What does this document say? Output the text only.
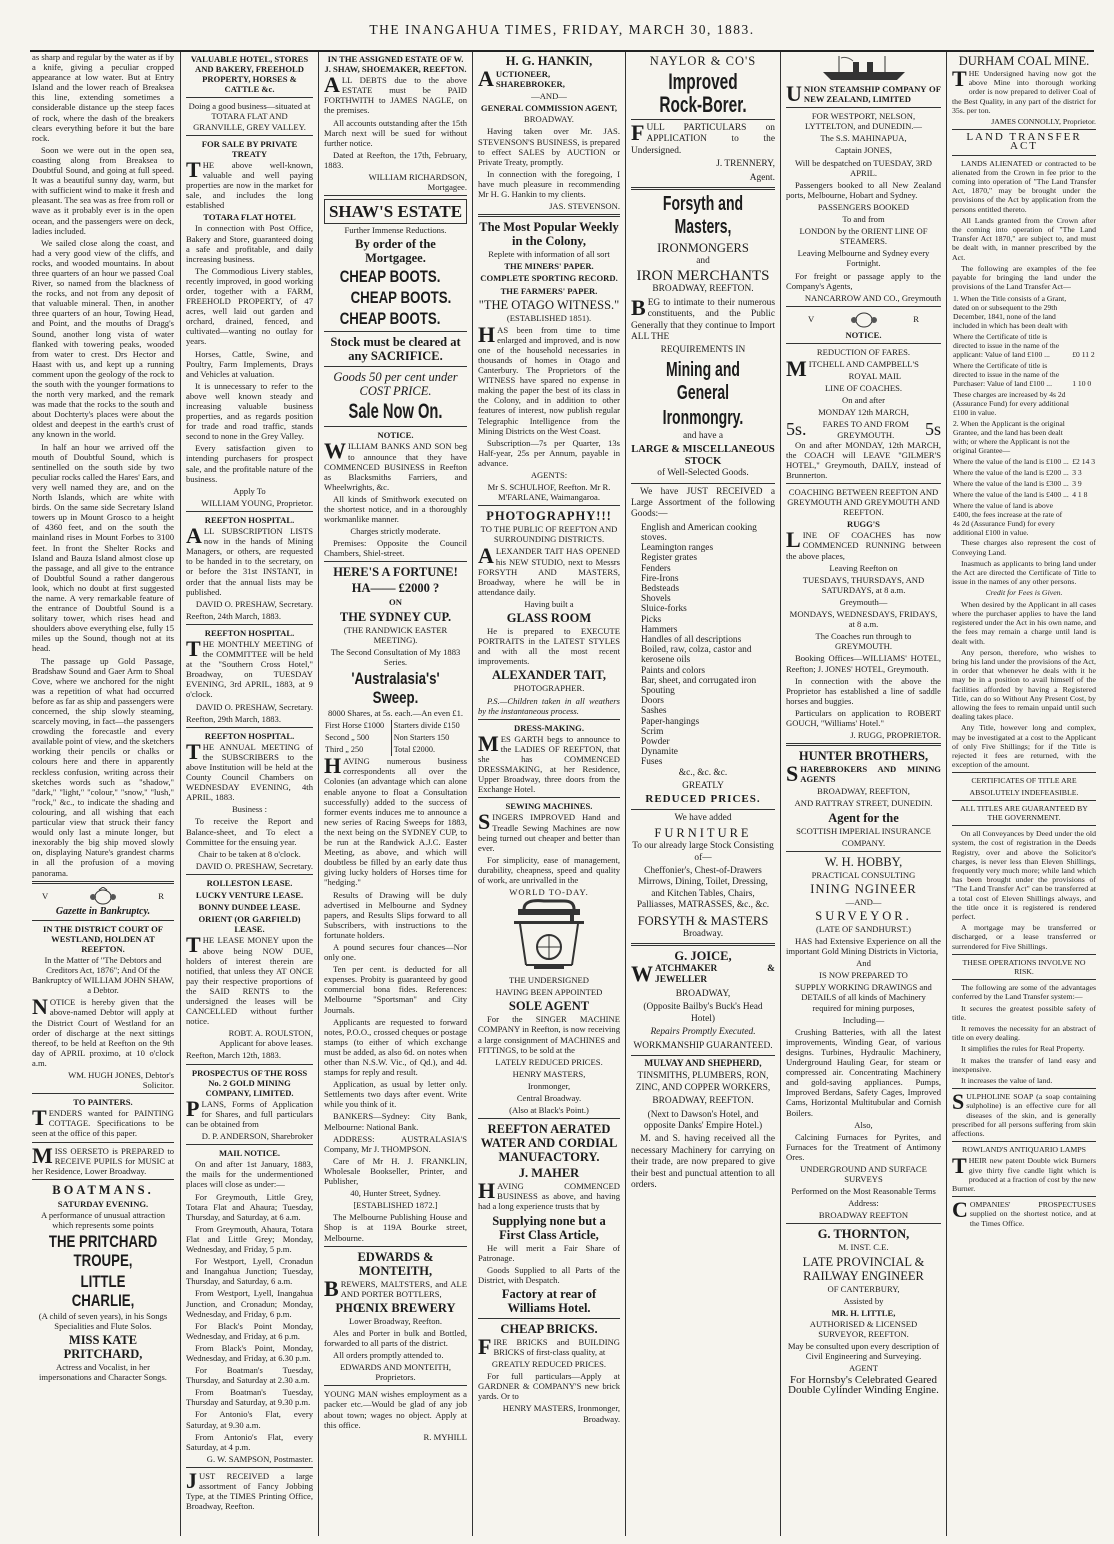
THE INANGAHUA TIMES, FRIDAY, MARCH 30, 1883.

as sharp and regular by the water as if by a knife, giving a peculiar cropped appearance at low water. But at Entry Island and the lower reach of Breaksea this line, extending sometimes a considerable distance up the steep faces of rock, where the dash of the breakers clears everything before it but the bare rock.

Soon we were out in the open sea, coasting along from Breaksea to Doubtful Sound, and going at full speed. It was a beautiful sunny day, warm, but with sufficient wind to make it fresh and pleasant. The sea was as free from roll or wave as it probably ever is in the open ocean, and the passengers were on deck, ladies included.

We sailed close along the coast, and had a very good view of the cliffs, and rocks, and wooded mountains. In about three quarters of an hour we passed Coal River, so named from the blackness of the rocks, and not from any deposit of that valuable mineral. Then, in another three quarters of an hour, Towing Head, and Point, and the mouths of Dragg's Sound, another long vista of water flanked with towering peaks, wooded from water to crest. Drs Hector and Haast with us, and kept up a running comment upon the geology of the rock to the south with the younger formations to the north very marked, and the remark was made that the rocks to the south and about Dochterty's places were about the oldest and deepest in the earth's crust of any known in the world.

In half an hour we arrived off the mouth of Doubtful Sound, which is sentinelled on the south side by two peculiar rocks called the Hares' Ears, and very well named they are, and on the North Islands, which are white with birds. On the same side Secretary Island towers up in Mount Grosco to a height of 4360 feet, and on the south the mainland rises in Mount Forbes to 3100 feet. In front the Shelter Rocks and Island and Bauza Island almost close up the passage, and all give to the entrance of Doubtful Sound a rather dangerous look, which no doubt at first suggested the name. A very remarkable feature of the entrance of Doubtful Sound is a solitary tower, which rises head and shoulders above everything else, fully 15 miles up the Sound, though not at its head.

The passage up Gold Passage, Bradshaw Sound and Gaer Arm to Shoal Cove, where we anchored for the night was a repetition of what had occurred before as far as ship and passengers were concerned, the ship slowly steaming, scarcely moving, in fact—the passengers crowding the forecastle and every available point of view, and the sketchers working their pencils or chalks or colours here and there in apparently reckless confusion, writing across their sketches words such as "shadow," "dark," "light," "colour," "snow," "lush," "rock," &c., to indicate the shading and colouring, and all wishing that each particular view that struck their fancy would only last a minute longer, but inexorably the big ship moved slowly on, displaying Nature's grandest charms in all the profusion of a moving panorama.

V	R
Gazette in Bankruptcy.
IN THE DISTRICT COURT OF WESTLAND, HOLDEN AT REEFTON.

In the Matter of "The Debtors and Creditors Act, 1876"; And Of the Bankruptcy of WILLIAM JOHN SHAW, a Debtor.

NOTICE is hereby given that the above-named Debtor will apply at the District Court of Westland for an order of discharge at the next sittings thereof, to be held at Reefton on the 9th day of APRIL proximo, at 10 o'clock a.m.

WM. HUGH JONES, Debtor's Solicitor.

TO PAINTERS.

TENDERS wanted for PAINTING COTTAGE. Specifications to be seen at the office of this paper.

MISS OERSETO is PREPARED to RECEIVE PUPILS for MUSIC at her Residence, Lower Broadway.

BOATMANS.
SATURDAY EVENING.

A performance of unusual attraction which represents some points

THE PRITCHARD TROUPE,
LITTLE CHARLIE,

(A child of seven years), in his Songs Specialities and Flute Solos.

MISS KATE PRITCHARD,

Actress and Vocalist, in her impersonations and Character Songs.

VALUABLE HOTEL, STORES AND BAKERY, FREEHOLD PROPERTY, HORSES & CATTLE &c.

Doing a good business—situated at TOTARA FLAT AND GRANVILLE, GREY VALLEY.

FOR SALE BY PRIVATE TREATY

THE above well-known, valuable and well paying properties are now in the market for sale, and includes the long established

TOTARA FLAT HOTEL

In connection with Post Office, Bakery and Store, guaranteed doing a safe and profitable, and daily increasing business.

The Commodious Livery stables, recently improved, in good working order, together with a FARM, FREEHOLD PROPERTY, of 47 acres, well laid out garden and orchard, drained, fenced, and cultivated—wanting no outlay for years.

Horses, Cattle, Swine, and Poultry, Farm Implements, Drays and Vehicles at valuation.

It is unnecessary to refer to the above well known steady and increasing valuable business properties, and as regards position for trade and road traffic, stands second to none in the Grey Valley.

Every satisfaction given to intending purchasers for prospect sale, and the profitable nature of the business.

Apply To

WILLIAM YOUNG, Proprietor.

REEFTON HOSPITAL.

ALL SUBSCRIPTION LISTS now in the hands of Mining Managers, or others, are requested to be handed in to the secretary, on or before the 31st INSTANT, in order that the annual lists may be published.

DAVID O. PRESHAW, Secretary.

Reefton, 24th March, 1883.

REEFTON HOSPITAL.

THE MONTHLY MEETING of the COMMITTEE will be held at the "Southern Cross Hotel," Broadway, on TUESDAY EVENING, 3rd APRIL, 1883, at 9 o'clock.

DAVID O. PRESHAW, Secretary.

Reefton, 29th March, 1883.

REEFTON HOSPITAL.

THE ANNUAL MEETING of the SUBSCRIBERS to the above Institution will be held at the County Council Chambers on WEDNESDAY EVENING, 4th APRIL, 1883.

Business :

To receive the Report and Balance-sheet, and To elect a Committee for the ensuing year.

Chair to be taken at 8 o'clock.

DAVID O. PRESHAW, Secretary.

ROLLESTON LEASE.
LUCKY VENTURE LEASE.
BONNY DUNDEE LEASE.
ORIENT (OR GARFIELD) LEASE.

THE LEASE MONEY upon the above being NOW DUE, holders of interest therein are notified, that unless they AT ONCE pay their respective proportions of the SAID RENTS to the undersigned the leases will be CANCELLED without further notice.

ROBT. A. ROULSTON, Applicant for above leases.

Reefton, March 12th, 1883.

PROSPECTUS OF THE ROSS No. 2 GOLD MINING COMPANY, LIMITED.

PLANS, Forms of Application for Shares, and full particulars can be obtained from

D. P. ANDERSON, Sharebroker

MAIL NOTICE.

On and after 1st January, 1883, the mails for the undermentioned places will close as under:—

For Greymouth, Little Grey, Totara Flat and Ahaura; Tuesday, Thursday, and Saturday, at 6 a.m.

From Greymouth, Ahaura, Totara Flat and Little Grey; Monday, Wednesday, and Friday, 5 p.m.

For Westport, Lyell, Cronadun and Inangahua Junction; Tuesday, Thursday, and Saturday, 6 a.m.

From Westport, Lyell, Inangahua Junction, and Cronadun; Monday, Wednesday, and Friday, 6 p.m.

For Black's Point Monday, Wednesday, and Friday, at 6 p.m.

From Black's Point, Monday, Wednesday, and Friday, at 6.30 p.m.

For Boatman's Tuesday, Thursday, and Saturday at 2.30 a.m.

From Boatman's Tuesday, Thursday and Saturday, at 9.30 p.m.

For Antonio's Flat, every Saturday, at 9.30 a.m.

From Antonio's Flat, every Saturday, at 4 p.m.

G. W. SAMPSON, Postmaster.

JUST RECEIVED a large assortment of Fancy Jobbing Type, at the TIMES Printing Office, Broadway, Reefton.

IN THE ASSIGNED ESTATE OF W. J. SHAW, SHOEMAKER, REEFTON.

ALL DEBTS due to the above ESTATE must be PAID FORTHWITH to JAMES NAGLE, on the premises.

All accounts outstanding after the 15th March next will be sued for without further notice.

Dated at Reefton, the 17th, February, 1883.

WILLIAM RICHARDSON, Mortgagee.

SHAW'S ESTATE

Further Immense Reductions.

By order of the Mortgagee.
CHEAP BOOTS.
CHEAP BOOTS.
CHEAP BOOTS.
Stock must be cleared at any SACRIFICE.
Goods 50 per cent under COST PRICE.
Sale Now On.
NOTICE.

WILLIAM BANKS AND SON beg to announce that they have COMMENCED BUSINESS in Reefton as Blacksmiths Farriers, and Wheelwrights, &c.

All kinds of Smithwork executed on the shortest notice, and in a thoroughly workmanlike manner.

Charges strictly moderate.

Premises: Opposite the Council Chambers, Shiel-street.

HERE'S A FORTUNE!
HA—— £2000 ?
ON
THE SYDNEY CUP.

(THE RANDWICK EASTER MEETING).

The Second Consultation of My 1883 Series.

'Australasia's' Sweep.

8000 Shares, at 5s. each.—An even £1.

First Horse £1000	Starters divide £150
Second „ 500	Non Starters 150
Third „ 250	Total £2000.

HAVING numerous business correspondents all over the Colonies (an advantage which can alone enable anyone to float a Consultation successfully) added to the success of former events induces me to announce a new series of Racing Sweeps for 1883, the next being on the SYDNEY CUP, to be run at the Randwick A.J.C. Easter Meeting, as above, and which will doubtless be filled by an early date thus giving lucky holders of Horses time for "hedging."

Results of Drawing will be duly advertised in Melbourne and Sydney papers, and Results Slips forward to all Subscribers, with instructions to the fortunate holders.

A pound secures four chances—Nor only one.

Ten per cent. is deducted for all expenses. Probity is guaranteed by good commercial bona fides. References: Melbourne "Sportsman" and City Journals.

Applicants are requested to forward notes, P.O.O., crossed cheques or postage stamps (to either of which exchange must be added, as also 6d. on notes when other than N.S.W. Vic., of Qd.), and 4d. stamps for reply and result.

Application, as usual by letter only. Settlements two days after event. Write while you think of it.

BANKERS—Sydney: City Bank, Melbourne: National Bank.

ADDRESS: AUSTRALASIA'S Company, Mr J. THOMPSON.

Care of Mr H. J. FRANKLIN, Wholesale Bookseller, Printer, and Publisher,

40, Hunter Street, Sydney.

[ESTABLISHED 1872.]

The Melbourne Publishing House and Shop is at 119A Bourke street, Melbourne.

EDWARDS & MONTEITH,

BREWERS, MALTSTERS, and ALE AND PORTER BOTTLERS,

PHŒNIX BREWERY

Lower Broadway, Reefton.

Ales and Porter in bulk and Bottled, forwarded to all parts of the district.

All orders promptly attended to.

EDWARDS AND MONTEITH, Proprietors.

YOUNG MAN wishes employment as a packer etc.—Would be glad of any job about town; wages no object. Apply at this office.

R. MYHILL

H. G. HANKIN,

AUCTIONEER, SHAREBROKER,

—AND—

GENERAL COMMISSION AGENT,

BROADWAY.

Having taken over Mr. JAS. STEVENSON'S BUSINESS, is prepared to effect SALES by AUCTION or Private Treaty, promptly.

In connection with the foregoing, I have much pleasure in recommending Mr H. G. Hankin to my clients.

JAS. STEVENSON.

The Most Popular Weekly in the Colony,

Replete with information of all sort

THE MINERS' PAPER.
COMPLETE SPORTING RECORD.
THE FARMERS' PAPER.
"THE OTAGO WITNESS."

(ESTABLISHED 1851).

HAS been from time to time enlarged and improved, and is now one of the household necessaries in thousands of homes in Otago and Canterbury. The Proprietors of the WITNESS have spared no expense in making the paper the best of its class in the Colony, and in addition to other features of interest, now publish regular Telegraphic Intelligence from the Mining Districts on the West Coast.

Subscription—7s per Quarter, 13s Half-year, 25s per Annum, payable in advance.

AGENTS:

Mr S. SCHULHOF, Reefton. Mr R. M'FARLANE, Waimangaroa.

PHOTOGRAPHY!!!

TO THE PUBLIC OF REEFTON AND SURROUNDING DISTRICTS.

ALEXANDER TAIT HAS OPENED his NEW STUDIO, next to Messrs FORSYTH AND MASTERS, Broadway, where he will be in attendance daily.

Having built a

GLASS ROOM

He is prepared to EXECUTE PORTRAITS in the LATEST STYLES and with all the most recent improvements.

ALEXANDER TAIT,

PHOTOGRAPHER.

P.S.—Children taken in all weathers by the instantaneous process.

DRESS-MAKING.

MES GARTH begs to announce to the LADIES OF REEFTON, that she has COMMENCED DRESSMAKING, at her Residence, Upper Broadway, three doors from the Exchange Hotel.

SEWING MACHINES.

SINGERS IMPROVED Hand and Treadle Sewing Machines are now being turned out cheaper and better than ever.

For simplicity, ease of management, durability, cheapness, speed and quality of work, are unrivalled in the

WORLD TO-DAY.

THE UNDERSIGNED

HAVING BEEN APPOINTED

SOLE AGENT

For the SINGER MACHINE COMPANY in Reefton, is now receiving a large consignment of MACHINES and FITTINGS, to be sold at the

LATELY REDUCED PRICES.

HENRY MASTERS,

Ironmonger,

Central Broadway.

(Also at Black's Point.)

REEFTON AERATED WATER AND CORDIAL MANUFACTORY.
J. MAHER

HAVING COMMENCED BUSINESS as above, and having had a long experience trusts that by

Supplying none but a First Class Article,

He will merit a Fair Share of Patronage.

Goods Supplied to all Parts of the District, with Despatch.

Factory at rear of Williams Hotel.
CHEAP BRICKS.

FIRE BRICKS and BUILDING BRICKS of first-class quality, at

GREATLY REDUCED PRICES.

For full particulars—Apply at GARDNER & COMPANY'S new brick yards. Or to

HENRY MASTERS, Ironmonger, Broadway.

NAYLOR & CO'S
Improved Rock-Borer.

FULL PARTICULARS on APPLICATION to the Undersigned.

J. TRENNERY,

Agent.

Forsyth and Masters,
IRONMONGERS

and

IRON MERCHANTS

BROADWAY, REEFTON.

BEG to intimate to their numerous constituents, and the Public Generally that they continue to Import ALL THE

REQUIREMENTS IN

Mining and General
Ironmongry.

and have a

LARGE & MISCELLANEOUS STOCK

of Well-Selected Goods.

We have JUST RECEIVED a Large Assortment of the following Goods:—

English and American cooking stoves.
Leamington ranges
Register grates
Fenders
Fire-Irons
Bedsteads
Shovels
Sluice-forks
Picks
Hammers
Handles of all descriptions
Boiled, raw, colza, castor and kerosene oils
Paints and colors
Bar, sheet, and corrugated iron
Spouting
Doors
Sashes
Paper-hangings
Scrim
Powder
Dynamite
Fuses

&c., &c. &c.

GREATLY

REDUCED PRICES.

We have added

FURNITURE

To our already large Stock Consisting of—

Cheffonier's, Chest-of-Drawers Mirrows, Dining, Toilet, Dressing, and Kitchen Tables, Chairs, Palliasses, MATRASSES, &c., &c.

FORSYTH & MASTERS

Broadway.

G. JOICE,

WATCHMAKER & JEWELLER

BROADWAY,

(Opposite Bailby's Buck's Head Hotel)

Repairs Promptly Executed.

WORKMANSHIP GUARANTEED.

MULVAY AND SHEPHERD,

TINSMITHS, PLUMBERS, RON, ZINC, AND COPPER WORKERS,

BROADWAY, REEFTON.

(Next to Dawson's Hotel, and opposite Danks' Empire Hotel.)

M. and S. having received all the necessary Machinery for carrying on their trade, are now prepared to give their best and punctual attention to all orders.

UNION STEAMSHIP COMPANY OF NEW ZEALAND, LIMITED

FOR WESTPORT, NELSON, LYTTELTON, and DUNEDIN.—

The S.S. MAHINAPUA,

Captain JONES,

Will be despatched on TUESDAY, 3RD APRIL.

Passengers booked to all New Zealand ports, Melbourne, Hobart and Sydney.

PASSENGERS BOOKED

To and from

LONDON by the ORIENT LINE OF STEAMERS.

Leaving Melbourne and Sydney every Fortnight.

For freight or passage apply to the Company's Agents,

NANCARROW AND CO., Greymouth

V	R
NOTICE.

REDUCTION OF FARES.

MITCHELL AND CAMPBELL'S

ROYAL MAIL

LINE OF COACHES.

On and after

MONDAY 12th MARCH,

5s. FARES TO AND FROM
GREYMOUTH.	5s

On and after MONDAY, 12th MARCH, the COACH will LEAVE "GILMER'S HOTEL," Greymouth, DAILY, instead of Brunnerton.

COACHING BETWEEN REEFTON AND GREYMOUTH AND GREYMOUTH AND REEFTON.

RUGG'S

LINE OF COACHES has now COMMENCED RUNNING between the above places,

Leaving Reefton on

TUESDAYS, THURSDAYS, AND SATURDAYS, at 8 a.m.

Greymouth—

MONDAYS, WEDNESDAYS, FRIDAYS, at 8 a.m.

The Coaches run through to GREYMOUTH.

Booking Offices—WILLIAMS' HOTEL, Reefton; J. JONES' HOTEL, Greymouth.

In connection with the above the Proprietor has established a line of saddle horses and buggies.

Particulars on application to ROBERT GOUCH, "Williams' Hotel."

J. RUGG, PROPRIETOR.

HUNTER BROTHERS,

SHAREBROKERS AND MINING AGENTS

BROADWAY, REEFTON,

AND RATTRAY STREET, DUNEDIN.

Agent for the

SCOTTISH IMPERIAL INSURANCE

COMPANY.

W. H. HOBBY,

PRACTICAL CONSULTING

INING NGINEER

—AND—

SURVEYOR.

(LATE OF SANDHURST.)

HAS had Extensive Experience on all the important Gold Mining Districts in Victoria,

And

IS NOW PREPARED TO

SUPPLY WORKING DRAWINGS and DETAILS of all kinds of Machinery required for mining purposes,

Including—

Crushing Batteries, with all the latest improvements, Winding Gear, of various designs. Turbines, Hydraulic Machinery, Underground Hauling Gear, for steam or compressed air. Concentrating Machinery and gold-saving appliances. Pumps, Improved Berdans, Safety Cages, Improved Cams, Horizontal Multitubular and Cornish Boilers.

Also,

Calcining Furnaces for Pyrites, and Furnaces for the Treatment of Antimony Ores.

UNDERGROUND AND SURFACE SURVEYS

Performed on the Most Reasonable Terms

Address:

BROADWAY REEFTON

G. THORNTON,

M. INST. C.E.

LATE PROVINCIAL & RAILWAY ENGINEER

OF CANTERBURY,

Assisted by

MR. H. LITTLE,

AUTHORISED & LICENSED SURVEYOR, REEFTON.

May be consulted upon every description of Civil Engineering and Surveying.

AGENT

For Hornsby's Celebrated Geared Double Cylinder Winding Engine.

DURHAM COAL MINE.

THE Undersigned having now got the above Mine into thorough working order is now prepared to deliver Coal of the Best Quality, in any part of the district for 35s. per ton.

JAMES CONNOLLY, Proprietor.

LAND TRANSFER ACT

LANDS ALIENATED or contracted to be alienated from the Crown in fee prior to the coming into operation of "The Land Transfer Act, 1870," may be brought under the provisions of the Act by application from the persons entitled thereto.

All Lands granted from the Crown after the coming into operation of "The Land Transfer Act 1870," are subject to, and must be dealt with, in manner prescribed by the Act.

The following are examples of the fee payable for bringing the land under the provisions of the Land Transfer Act—

1. When the Title consists of a Grant, dated on or subsequent to the 29th December, 1841, none of the land included in which has been dealt with	
Where the Certificate of title is directed to issue in the name of the applicant: Value of land £100 ...	£0 11 2
Where the Certificate of title is directed to issue in the name of the Purchaser: Value of land £100 ...	1 10 0
These charges are increased by 4s 2d (Assurance Fund) for every additional £100 in value.	
2. When the Applicant is the original Grantee, and the land has been dealt with; or where the Applicant is not the original Grantee—	
Where the value of the land is £100 ...	£2 14 3
Where the value of the land is £200 ...	3 3
Where the value of the land is £300 ...	3 9
Where the value of the land is £400 ...	4 1 8
Where the value of land is above £400, the fees increase at the rate of 4s 2d (Assurance Fund) for every additional £100 in value.	

These charges also represent the cost of Conveying Land.

Inasmuch as applicants to bring land under the Act are directed the Certificate of Title to issue in the names of any other persons.

Credit for Fees is Given.

When desired by the Applicant in all cases where the purchaser applies to have the land registered under the Act in his own name, and the fees may remain a charge until land is dealt with.

Any person, therefore, who wishes to bring his land under the provisions of the Act, in order that whenever he deals with it he may be in a position to avail himself of the facilities afforded by having a Registered Title, can do so Without Any Present Cost, by allowing the fees to remain unpaid until such dealing takes place.

Any Title, however long and complex, may be investigated at a cost to the Applicant of only Five Shillings; for if the Title is rejected it fees are returned, with the exception of the amount.

CERTIFICATES OF TITLE ARE

ABSOLUTELY INDEFEASIBLE.

ALL TITLES ARE GUARANTEED BY THE GOVERNMENT.

On all Conveyances by Deed under the old system, the cost of registration in the Deeds Registry, over and above the Solicitor's charges, is never less than Eleven Shillings, frequently very much more; while land which has been brought under the provisions of "The Land Transfer Act" can be transferred at a total cost of Eleven Shillings always, and the title once it is registered is rendered perfect.

A mortgage may be transferred or discharged, or a lease transferred or surrendered for Five Shillings.

THESE OPERATIONS INVOLVE NO RISK.

The following are some of the advantages conferred by the Land Transfer system:—

It secures the greatest possible safety of title.

It removes the necessity for an abstract of title on every dealing.

It simplifies the rules for Real Property.

It makes the transfer of land easy and inexpensive.

It increases the value of land.

SULPHOLINE SOAP (a soap containing sulpholine) is an effective cure for all diseases of the skin, and is generally prescribed for all persons suffering from skin affections.

ROWLAND'S ANTIQUARIO LAMPS

THEIR new patent Double wick Burners give thirty five candle light which is produced at a fraction of cost by the new Burner.

COMPANIES' PROSPECTUSES supplied on the shortest notice, and at the Times Office.
